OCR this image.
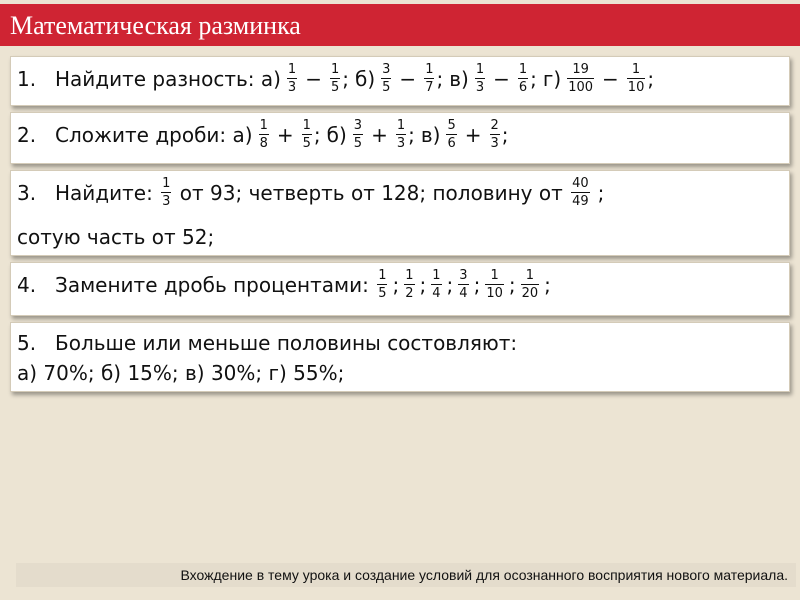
Математическая разминка
1. Найдите разность: $а) \frac{1}{3} - \frac{1}{5}$ ; $б) \frac{3}{5} - \frac{1}{7}$ ; $в) \frac{1}{3} - \frac{1}{6}$ ; $г) \frac{19}{100} - \frac{1}{10}$ ;
2. Сложите дроби: $а) \frac{1}{8} + \frac{1}{5}$ ; $б) \frac{3}{5} + \frac{1}{3}$ ; $в) \frac{5}{6} + \frac{2}{3}$ ;
3. Найдите: $\frac{1}{3}$ от 93; четверть от 128; половину от $\frac{40}{49}$ ;
сотую часть от 52;
4. Замените дробь процентами: $\frac{1}{5}$ ; $\frac{1}{2}$ ; $\frac{1}{4}$ ; $\frac{3}{4}$ ; $\frac{1}{10}$ ; $\frac{1}{20}$ ;
5. Больше или меньше половины состовляют:
а) 70%; б) 15%; в) 30%; г) 55%;
Вхождение в тему урока и создание условий для осознанного восприятия нового материала.
